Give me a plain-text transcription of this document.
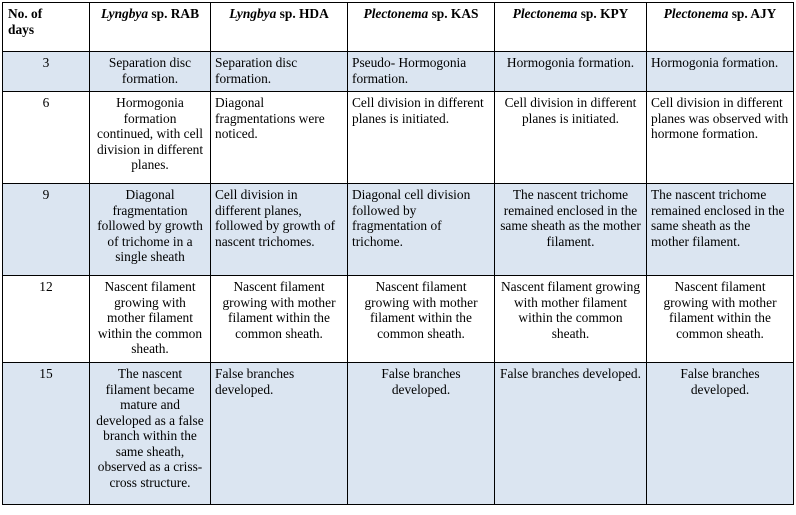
No. of
days	Lyngbya sp. RAB	Lyngbya sp. HDA	Plectonema sp. KAS	Plectonema sp. KPY	Plectonema sp. AJY
3	Separation disc formation.	Separation disc formation.	Pseudo- Hormogonia formation.	Hormogonia formation.	Hormogonia formation.
6	Hormogonia formation continued, with cell division in different planes.	Diagonal fragmentations were noticed.	Cell division in different planes is initiated.	Cell division in different planes is initiated.	Cell division in different planes was observed with hormone formation.
9	Diagonal fragmentation followed by growth of trichome in a single sheath	Cell division in different planes, followed by growth of nascent trichomes.	Diagonal cell division followed by fragmentation of trichome.	The nascent trichome remained enclosed in the same sheath as the mother filament.	The nascent trichome remained enclosed in the same sheath as the mother filament.
12	Nascent filament growing with mother filament within the common sheath.	Nascent filament growing with mother filament within the common sheath.	Nascent filament growing with mother filament within the common sheath.	Nascent filament growing with mother filament within the common sheath.	Nascent filament growing with mother filament within the common sheath.
15	The nascent filament became mature and developed as a false branch within the same sheath, observed as a criss-cross structure.	False branches developed.	False branches developed.	False branches developed.	False branches developed.
